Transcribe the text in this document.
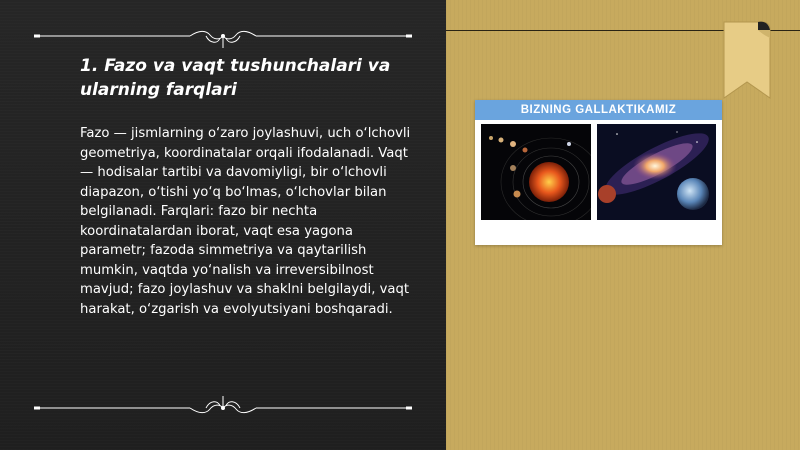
1. Fazo va vaqt tushunchalari va ularning farqlari
Fazo — jismlarning o‘zaro joylashuvi, uch o‘lchovli geometriya, koordinatalar orqali ifodalanadi. Vaqt — hodisalar tartibi va davomiyligi, bir o‘lchovli diapazon, o‘tishi yo‘q bo‘lmas, o‘lchovlar bilan belgilanadi. Farqlari: fazo bir nechta koordinatalardan iborat, vaqt esa yagona parametr; fazoda simmetriya va qaytarilish mumkin, vaqtda yo‘nalish va irreversibilnost mavjud; fazo joylashuv va shaklni belgilaydi, vaqt harakat, o‘zgarish va evolyutsiyani boshqaradi.
BIZNING GALLAKTIKAMIZ
